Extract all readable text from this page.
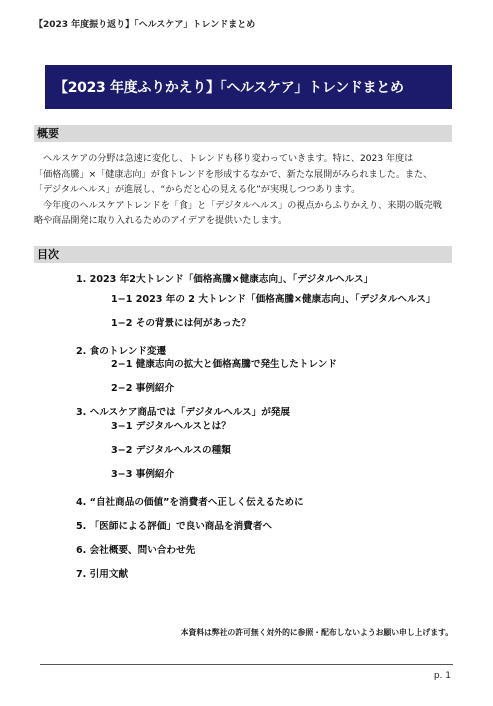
【2023 年度振り返り】「ヘルスケア」トレンドまとめ
【2023 年度ふりかえり】「ヘルスケア」トレンドまとめ
概要

ヘルスケアの分野は急速に変化し、トレンドも移り変わっていきます。特に、2023 年度は

「価格高騰」×「健康志向」が食トレンドを形成するなかで、新たな展開がみられました。また、

「デジタルヘルス」が進展し、“からだと心の見える化”が実現しつつあります。

今年度のヘルスケアトレンドを「食」と「デジタルヘルス」の視点からふりかえり、来期の販売戦

略や商品開発に取り入れるためのアイデアを提供いたします。

目次
1. 2023 年2大トレンド「価格高騰×健康志向」、「デジタルヘルス」
1−1 2023 年の 2 大トレンド「価格高騰×健康志向」、「デジタルヘルス」
1−2 その背景には何があった？
2. 食のトレンド変遷
2−1 健康志向の拡大と価格高騰で発生したトレンド
2−2 事例紹介
3. ヘルスケア商品では「デジタルヘルス」が発展
3−1 デジタルヘルスとは？
3−2 デジタルヘルスの種類
3−3 事例紹介
4. “自社商品の価値”を消費者へ正しく伝えるために
5. 「医師による評価」で良い商品を消費者へ
6. 会社概要、問い合わせ先
7. 引用文献
本資料は弊社の許可無く対外的に参照・配布しないようお願い申し上げます。
p. 1
